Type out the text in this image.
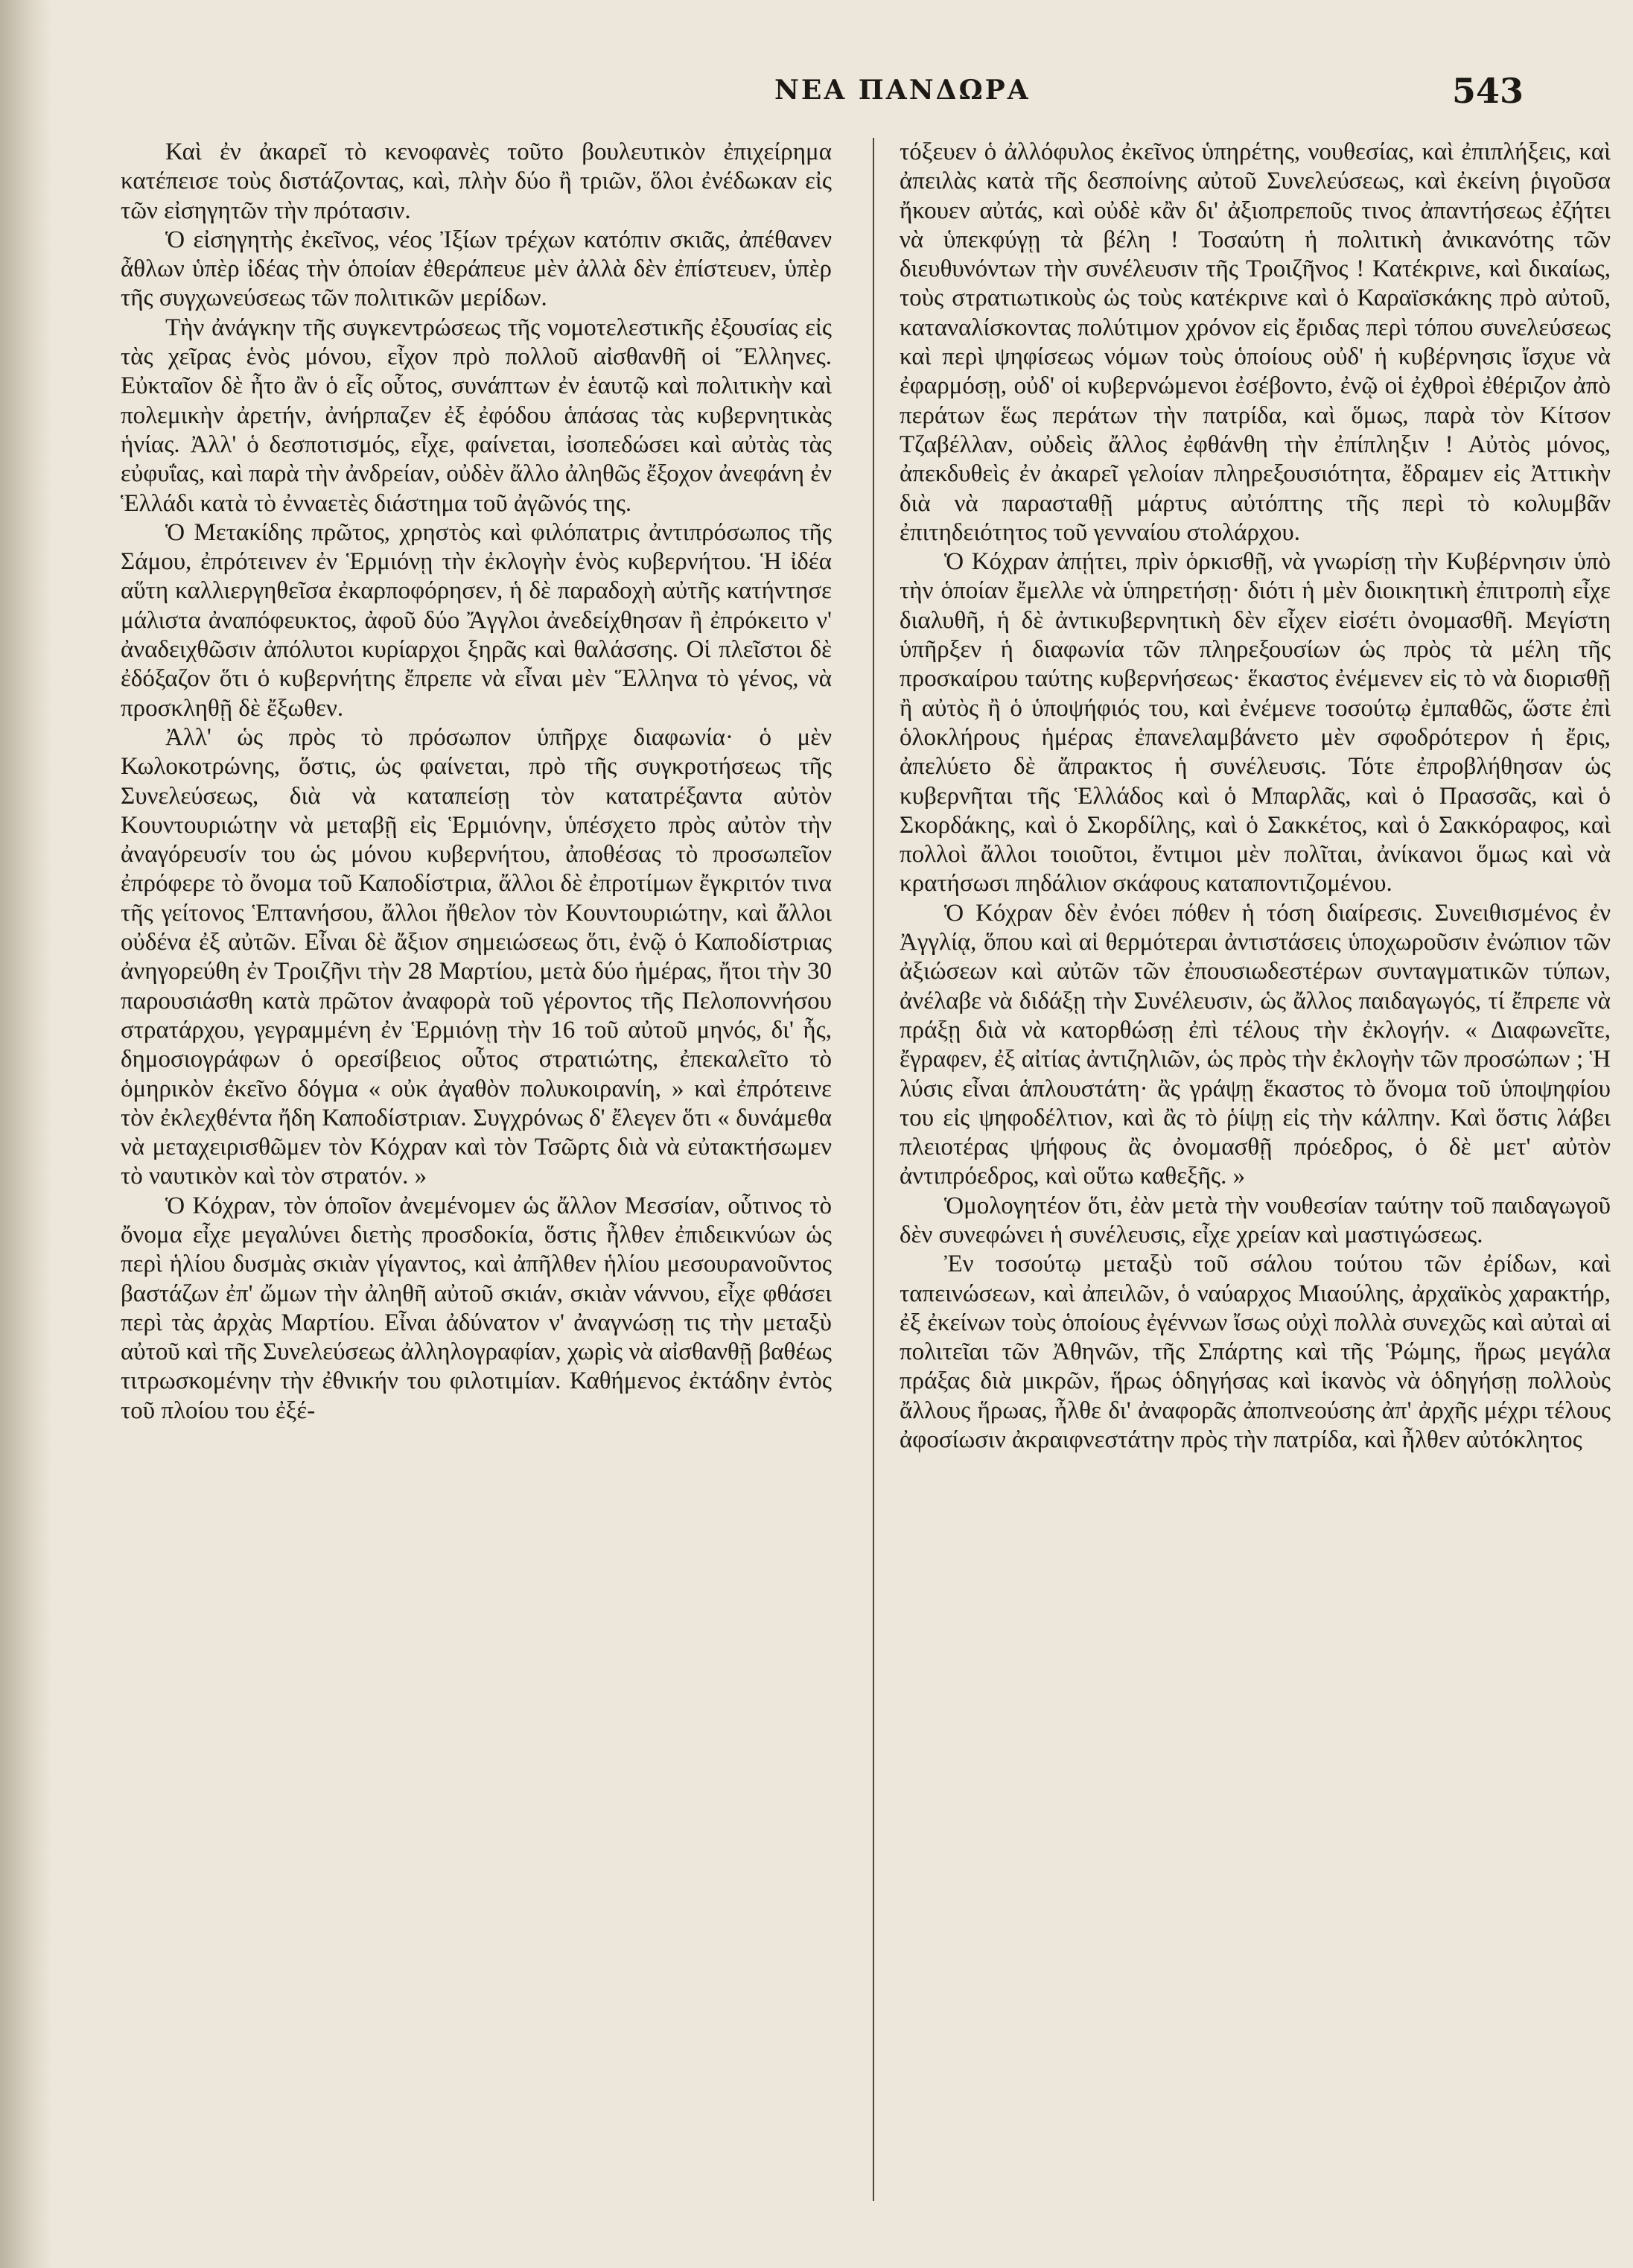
ΝΕΑ ΠΑΝΔΩΡΑ	543

Καὶ ἐν ἀκαρεῖ τὸ κενοφανὲς τοῦτο βουλευτικὸν ἐπιχείρημα κατέπεισε τοὺς διστάζοντας, καὶ, πλὴν δύο ἢ τριῶν, ὅλοι ἐνέδωκαν εἰς τῶν εἰσηγητῶν τὴν πρότασιν.

Ὁ εἰσηγητὴς ἐκεῖνος, νέος Ἰξίων τρέχων κατόπιν σκιᾶς, ἀπέθανεν ἆθλων ὑπὲρ ἰδέας τὴν ὁποίαν ἐθεράπευε μὲν ἀλλὰ δὲν ἐπίστευεν, ὑπὲρ τῆς συγχωνεύσεως τῶν πολιτικῶν μερίδων.

Τὴν ἀνάγκην τῆς συγκεντρώσεως τῆς νομοτελεστικῆς ἐξουσίας εἰς τὰς χεῖρας ἑνὸς μόνου, εἶχον πρὸ πολλοῦ αἰσθανθῆ οἱ Ἕλληνες. Εὐκταῖον δὲ ἦτο ἂν ὁ εἷς οὗτος, συνάπτων ἐν ἑαυτῷ καὶ πολιτικὴν καὶ πολεμικὴν ἀρετήν, ἀνήρπαζεν ἐξ ἐφόδου ἁπάσας τὰς κυβερνητικὰς ἡνίας. Ἀλλ' ὁ δεσποτισμός, εἶχε, φαίνεται, ἰσοπεδώσει καὶ αὐτὰς τὰς εὐφυΐας, καὶ παρὰ τὴν ἀνδρείαν, οὐδὲν ἄλλο ἀληθῶς ἔξοχον ἀνεφάνη ἐν Ἑλλάδι κατὰ τὸ ἐνναετὲς διάστημα τοῦ ἀγῶνός της.

Ὁ Μετακίδης πρῶτος, χρηστὸς καὶ φιλόπατρις ἀντιπρόσωπος τῆς Σάμου, ἐπρότεινεν ἐν Ἑρμιόνῃ τὴν ἐκλογὴν ἑνὸς κυβερνήτου. Ἡ ἰδέα αὕτη καλλιεργηθεῖσα ἐκαρποφόρησεν, ἡ δὲ παραδοχὴ αὐτῆς κατήντησε μάλιστα ἀναπόφευκτος, ἀφοῦ δύο Ἄγγλοι ἀνεδείχθησαν ἢ ἐπρόκειτο ν' ἀναδειχθῶσιν ἀπόλυτοι κυρίαρχοι ξηρᾶς καὶ θαλάσσης. Οἱ πλεῖστοι δὲ ἐδόξαζον ὅτι ὁ κυβερνήτης ἔπρεπε νὰ εἶναι μὲν Ἕλληνα τὸ γένος, νὰ προσκληθῇ δὲ ἔξωθεν.

Ἀλλ' ὡς πρὸς τὸ πρόσωπον ὑπῆρχε διαφωνία· ὁ μὲν Κωλοκοτρώνης, ὅστις, ὡς φαίνεται, πρὸ τῆς συγκροτήσεως τῆς Συνελεύσεως, διὰ νὰ καταπείσῃ τὸν κατατρέξαντα αὐτὸν Κουντουριώτην νὰ μεταβῇ εἰς Ἑρμιόνην, ὑπέσχετο πρὸς αὐτὸν τὴν ἀναγόρευσίν του ὡς μόνου κυβερνήτου, ἀποθέσας τὸ προσωπεῖον ἐπρόφερε τὸ ὄνομα τοῦ Καποδίστρια, ἄλλοι δὲ ἐπροτίμων ἔγκριτόν τινα τῆς γείτονος Ἑπτανήσου, ἄλλοι ἤθελον τὸν Κουντουριώτην, καὶ ἄλλοι οὐδένα ἐξ αὐτῶν. Εἶναι δὲ ἄξιον σημειώσεως ὅτι, ἐνῷ ὁ Καποδίστριας ἀνηγορεύθη ἐν Τροιζῆνι τὴν 28 Μαρτίου, μετὰ δύο ἡμέρας, ἤτοι τὴν 30 παρουσιάσθη κατὰ πρῶτον ἀναφορὰ τοῦ γέροντος τῆς Πελοποννήσου στρατάρχου, γεγραμμένη ἐν Ἑρμιόνῃ τὴν 16 τοῦ αὐτοῦ μηνός, δι' ἧς, δημοσιογράφων ὁ ορεσίβειος οὗτος στρατιώτης, ἐπεκαλεῖτο τὸ ὁμηρικὸν ἐκεῖνο δόγμα « οὐκ ἀγαθὸν πολυκοιρανίη, » καὶ ἐπρότεινε τὸν ἐκλεχθέντα ἤδη Καποδίστριαν. Συγχρόνως δ' ἔλεγεν ὅτι « δυνάμεθα νὰ μεταχειρισθῶμεν τὸν Κόχραν καὶ τὸν Τσῶρτς διὰ νὰ εὐτακτήσωμεν τὸ ναυτικὸν καὶ τὸν στρατόν. »

Ὁ Κόχραν, τὸν ὁποῖον ἀνεμένομεν ὡς ἄλλον Μεσσίαν, οὗτινος τὸ ὄνομα εἶχε μεγαλύνει διετὴς προσδοκία, ὅστις ἦλθεν ἐπιδεικνύων ὡς περὶ ἡλίου δυσμὰς σκιὰν γίγαντος, καὶ ἀπῆλθεν ἡλίου μεσουρανοῦντος βαστάζων ἐπ' ὤμων τὴν ἀληθῆ αὐτοῦ σκιάν, σκιὰν νάννου, εἶχε φθάσει περὶ τὰς ἀρχὰς Μαρτίου. Εἶναι ἀδύνατον ν' ἀναγνώσῃ τις τὴν μεταξὺ αὐτοῦ καὶ τῆς Συνελεύσεως ἀλληλογραφίαν, χωρὶς νὰ αἰσθανθῇ βαθέως τιτρωσκομένην τὴν ἐθνικήν του φιλοτιμίαν. Καθήμενος ἐκτάδην ἐντὸς τοῦ πλοίου του ἐξέ-

τόξευεν ὁ ἀλλόφυλος ἐκεῖνος ὑπηρέτης, νουθεσίας, καὶ ἐπιπλήξεις, καὶ ἀπειλὰς κατὰ τῆς δεσποίνης αὐτοῦ Συνελεύσεως, καὶ ἐκείνη ῥιγοῦσα ἤκουεν αὐτάς, καὶ οὐδὲ κἂν δι' ἀξιοπρεποῦς τινος ἀπαντήσεως ἐζήτει νὰ ὑπεκφύγῃ τὰ βέλη ! Τοσαύτη ἡ πολιτικὴ ἀνικανότης τῶν διευθυνόντων τὴν συνέλευσιν τῆς Τροιζῆνος ! Κατέκρινε, καὶ δικαίως, τοὺς στρατιωτικοὺς ὡς τοὺς κατέκρινε καὶ ὁ Καραϊσκάκης πρὸ αὐτοῦ, καταναλίσκοντας πολύτιμον χρόνον εἰς ἔριδας περὶ τόπου συνελεύσεως καὶ περὶ ψηφίσεως νόμων τοὺς ὁποίους οὐδ' ἡ κυβέρνησις ἴσχυε νὰ ἐφαρμόσῃ, οὐδ' οἱ κυβερνώμενοι ἐσέβοντο, ἐνῷ οἱ ἐχθροὶ ἐθέριζον ἀπὸ περάτων ἕως περάτων τὴν πατρίδα, καὶ ὅμως, παρὰ τὸν Κίτσον Τζαβέλλαν, οὐδεὶς ἄλλος ἐφθάνθη τὴν ἐπίπληξιν ! Αὐτὸς μόνος, ἀπεκδυθεὶς ἐν ἀκαρεῖ γελοίαν πληρεξουσιότητα, ἔδραμεν εἰς Ἀττικὴν διὰ νὰ παρασταθῇ μάρτυς αὐτόπτης τῆς περὶ τὸ κολυμβᾶν ἐπιτηδειότητος τοῦ γενναίου στολάρχου.

Ὁ Κόχραν ἀπῄτει, πρὶν ὁρκισθῇ, νὰ γνωρίσῃ τὴν Κυβέρνησιν ὑπὸ τὴν ὁποίαν ἔμελλε νὰ ὑπηρετήσῃ· διότι ἡ μὲν διοικητικὴ ἐπιτροπὴ εἶχε διαλυθῆ, ἡ δὲ ἀντικυβερνητικὴ δὲν εἶχεν εἰσέτι ὀνομασθῆ. Μεγίστη ὑπῆρξεν ἡ διαφωνία τῶν πληρεξουσίων ὡς πρὸς τὰ μέλη τῆς προσκαίρου ταύτης κυβερνήσεως· ἕκαστος ἐνέμενεν εἰς τὸ νὰ διορισθῇ ἢ αὐτὸς ἢ ὁ ὑποψήφιός του, καὶ ἐνέμενε τοσούτῳ ἐμπαθῶς, ὥστε ἐπὶ ὁλοκλήρους ἡμέρας ἐπανελαμβάνετο μὲν σφοδρότερον ἡ ἔρις, ἀπελύετο δὲ ἄπρακτος ἡ συνέλευσις. Τότε ἐπροβλήθησαν ὡς κυβερνῆται τῆς Ἑλλάδος καὶ ὁ Μπαρλᾶς, καὶ ὁ Πρασσᾶς, καὶ ὁ Σκορδάκης, καὶ ὁ Σκορδίλης, καὶ ὁ Σακκέτος, καὶ ὁ Σακκόραφος, καὶ πολλοὶ ἄλλοι τοιοῦτοι, ἔντιμοι μὲν πολῖται, ἀνίκανοι ὅμως καὶ νὰ κρατήσωσι πηδάλιον σκάφους καταποντιζομένου.

Ὁ Κόχραν δὲν ἐνόει πόθεν ἡ τόση διαίρεσις. Συνειθισμένος ἐν Ἀγγλίᾳ, ὅπου καὶ αἱ θερμότεραι ἀντιστάσεις ὑποχωροῦσιν ἐνώπιον τῶν ἀξιώσεων καὶ αὐτῶν τῶν ἐπουσιωδεστέρων συνταγματικῶν τύπων, ἀνέλαβε νὰ διδάξῃ τὴν Συνέλευσιν, ὡς ἄλλος παιδαγωγός, τί ἔπρεπε νὰ πράξῃ διὰ νὰ κατορθώσῃ ἐπὶ τέλους τὴν ἐκλογήν. « Διαφωνεῖτε, ἔγραφεν, ἐξ αἰτίας ἀντιζηλιῶν, ὡς πρὸς τὴν ἐκλογὴν τῶν προσώπων ; Ἡ λύσις εἶναι ἁπλουστάτη· ἂς γράψῃ ἕκαστος τὸ ὄνομα τοῦ ὑποψηφίου του εἰς ψηφοδέλτιον, καὶ ἂς τὸ ῥίψῃ εἰς τὴν κάλπην. Καὶ ὅστις λάβει πλειοτέρας ψήφους ἂς ὀνομασθῇ πρόεδρος, ὁ δὲ μετ' αὐτὸν ἀντιπρόεδρος, καὶ οὕτω καθεξῆς. »

Ὁμολογητέον ὅτι, ἐὰν μετὰ τὴν νουθεσίαν ταύτην τοῦ παιδαγωγοῦ δὲν συνεφώνει ἡ συνέλευσις, εἶχε χρείαν καὶ μαστιγώσεως.

Ἐν τοσούτῳ μεταξὺ τοῦ σάλου τούτου τῶν ἐρίδων, καὶ ταπεινώσεων, καὶ ἀπειλῶν, ὁ ναύαρχος Μιαούλης, ἀρχαϊκὸς χαρακτήρ, ἐξ ἐκείνων τοὺς ὁποίους ἐγέννων ἴσως οὐχὶ πολλὰ συνεχῶς καὶ αὐταὶ αἱ πολιτεῖαι τῶν Ἀθηνῶν, τῆς Σπάρτης καὶ τῆς Ῥώμης, ἥρως μεγάλα πράξας διὰ μικρῶν, ἥρως ὁδηγήσας καὶ ἱκανὸς νὰ ὁδηγήσῃ πολλοὺς ἄλλους ἥρωας, ἦλθε δι' ἀναφορᾶς ἀποπνεούσης ἀπ' ἀρχῆς μέχρι τέλους ἀφοσίωσιν ἀκραιφνεστάτην πρὸς τὴν πατρίδα, καὶ ἦλθεν αὐτόκλητος
